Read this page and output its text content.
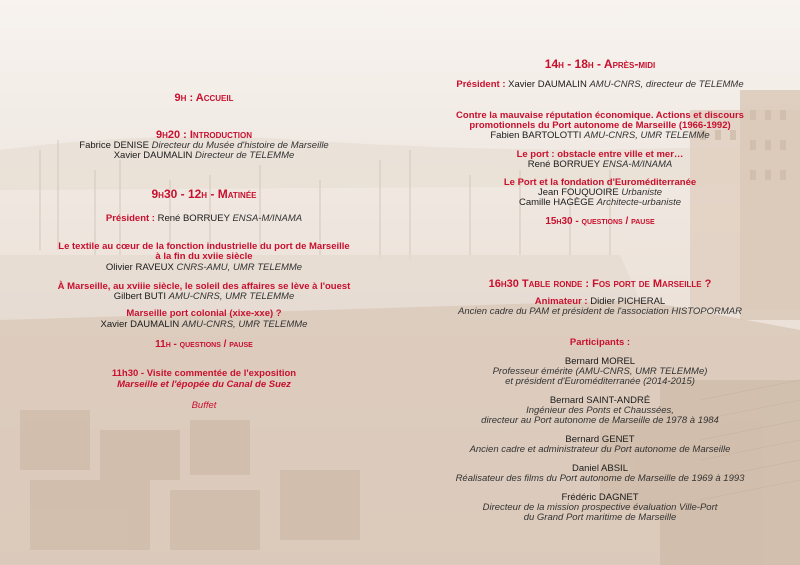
9h : Accueil
9h20 : Introduction
Fabrice DENISE Directeur du Musée d'histoire de Marseille
Xavier DAUMALIN Directeur de TELEMMe
9h30 - 12h - Matinée
Président : René BORRUEY ENSA-M/INAMA
Le textile au cœur de la fonction industrielle du port de Marseille
à la fin du xviie siècle
Olivier RAVEUX CNRS-AMU, UMR TELEMMe
À Marseille, au xviiie siècle, le soleil des affaires se lève à l'ouest
Gilbert BUTI AMU-CNRS, UMR TELEMMe
Marseille port colonial (xixe-xxe) ?
Xavier DAUMALIN AMU-CNRS, UMR TELEMMe
11h - questions / pause
11h30 - Visite commentée de l'exposition
Marseille et l'épopée du Canal de Suez
Buffet
14h - 18h - Après-midi
Président : Xavier DAUMALIN AMU-CNRS, directeur de TELEMMe
Contre la mauvaise réputation économique. Actions et discours
promotionnels du Port autonome de Marseille (1966-1992)
Fabien BARTOLOTTI AMU-CNRS, UMR TELEMMe
Le port : obstacle entre ville et mer…
René BORRUEY ENSA-M/INAMA
Le Port et la fondation d'Euroméditerranée
Jean FOUQUOIRE Urbaniste
Camille HAGÈGE Architecte-urbaniste
15h30 - questions / pause
16h30 Table ronde : Fos port de Marseille ?
Animateur : Didier PICHERAL
Ancien cadre du PAM et président de l'association HISTOPORMAR
Participants :
Bernard MOREL
Professeur émérite (AMU-CNRS, UMR TELEMMe)
et président d'Euroméditerranée (2014-2015)
Bernard SAINT-ANDRÉ
Ingénieur des Ponts et Chaussées,
directeur au Port autonome de Marseille de 1978 à 1984
Bernard GENET
Ancien cadre et administrateur du Port autonome de Marseille
Daniel ABSIL
Réalisateur des films du Port autonome de Marseille de 1969 à 1993
Frédéric DAGNET
Directeur de la mission prospective évaluation Ville-Port
du Grand Port maritime de Marseille
